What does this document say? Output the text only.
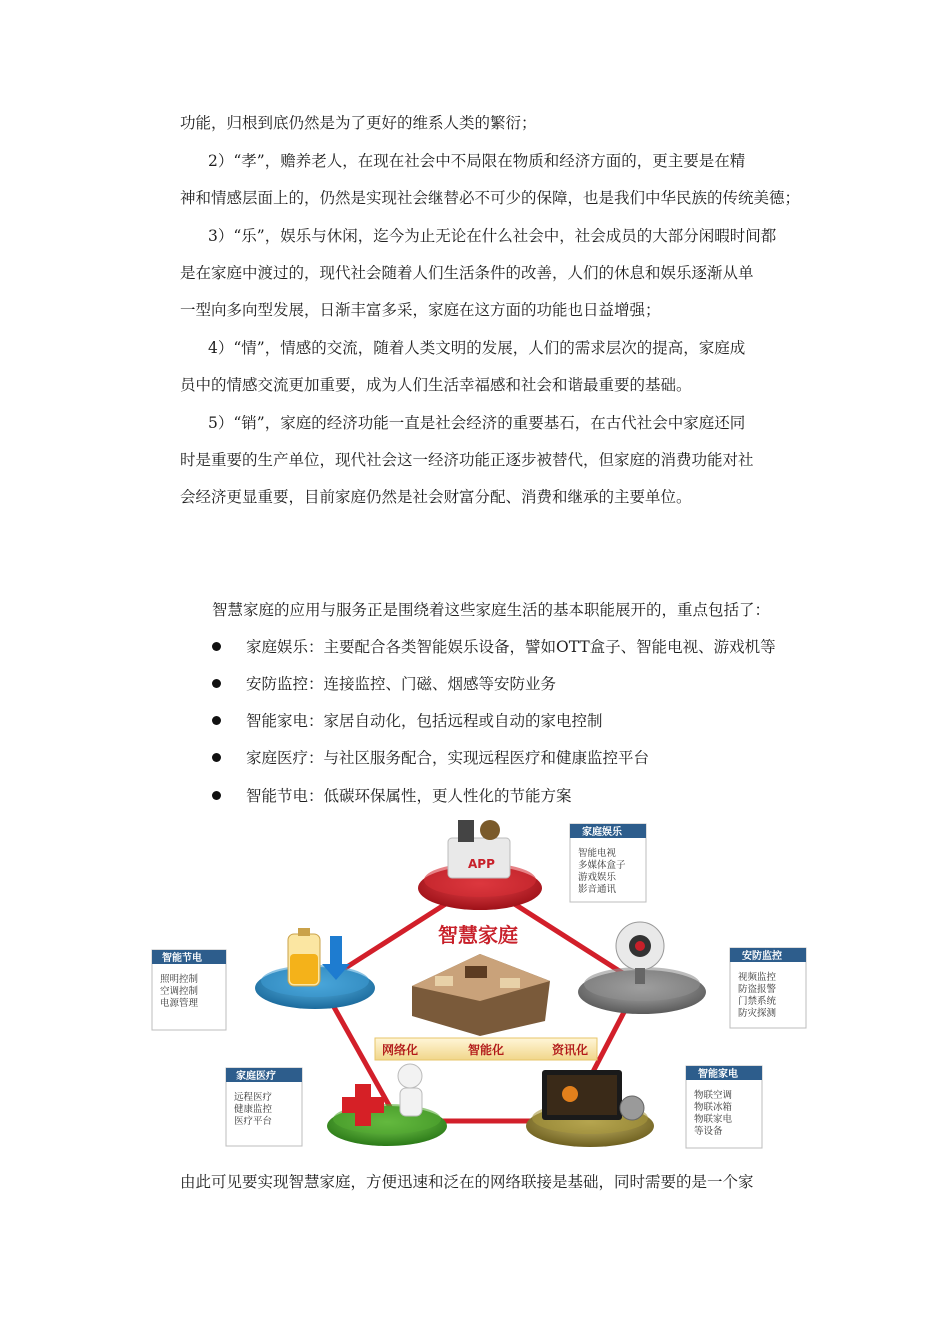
功能，归根到底仍然是为了更好的维系人类的繁衍；
2）“孝”，赡养老人，在现在社会中不局限在物质和经济方面的，更主要是在精
神和情感层面上的，仍然是实现社会继替必不可少的保障，也是我们中华民族的传统美德；
3）“乐”，娱乐与休闲，迄今为止无论在什么社会中，社会成员的大部分闲暇时间都
是在家庭中渡过的，现代社会随着人们生活条件的改善，人们的休息和娱乐逐渐从单
一型向多向型发展，日渐丰富多采，家庭在这方面的功能也日益增强；
4）“情”，情感的交流，随着人类文明的发展，人们的需求层次的提高，家庭成
员中的情感交流更加重要，成为人们生活幸福感和社会和谐最重要的基础。
5）“销”，家庭的经济功能一直是社会经济的重要基石，在古代社会中家庭还同
时是重要的生产单位，现代社会这一经济功能正逐步被替代，但家庭的消费功能对社
会经济更显重要，目前家庭仍然是社会财富分配、消费和继承的主要单位。
智慧家庭的应用与服务正是围绕着这些家庭生活的基本职能展开的，重点包括了：
家庭娱乐：主要配合各类智能娱乐设备，譬如OTT盒子、智能电视、游戏机等
安防监控：连接监控、门磁、烟感等安防业务
智能家电：家居自动化，包括远程或自动的家电控制
家庭医疗：与社区服务配合，实现远程医疗和健康监控平台
智能节电：低碳环保属性，更人性化的节能方案
智慧家庭
网络化	智能化	资讯化
APP
家庭娱乐
智能电视
多媒体盒子
游戏娱乐
影音通讯
智能节电
照明控制
空调控制
电源管理
安防监控
视频监控
防盗报警
门禁系统
防灾探测
家庭医疗
远程医疗
健康监控
医疗平台
智能家电
物联空调
物联冰箱
物联家电
等设备
由此可见要实现智慧家庭，方便迅速和泛在的网络联接是基础，同时需要的是一个家
